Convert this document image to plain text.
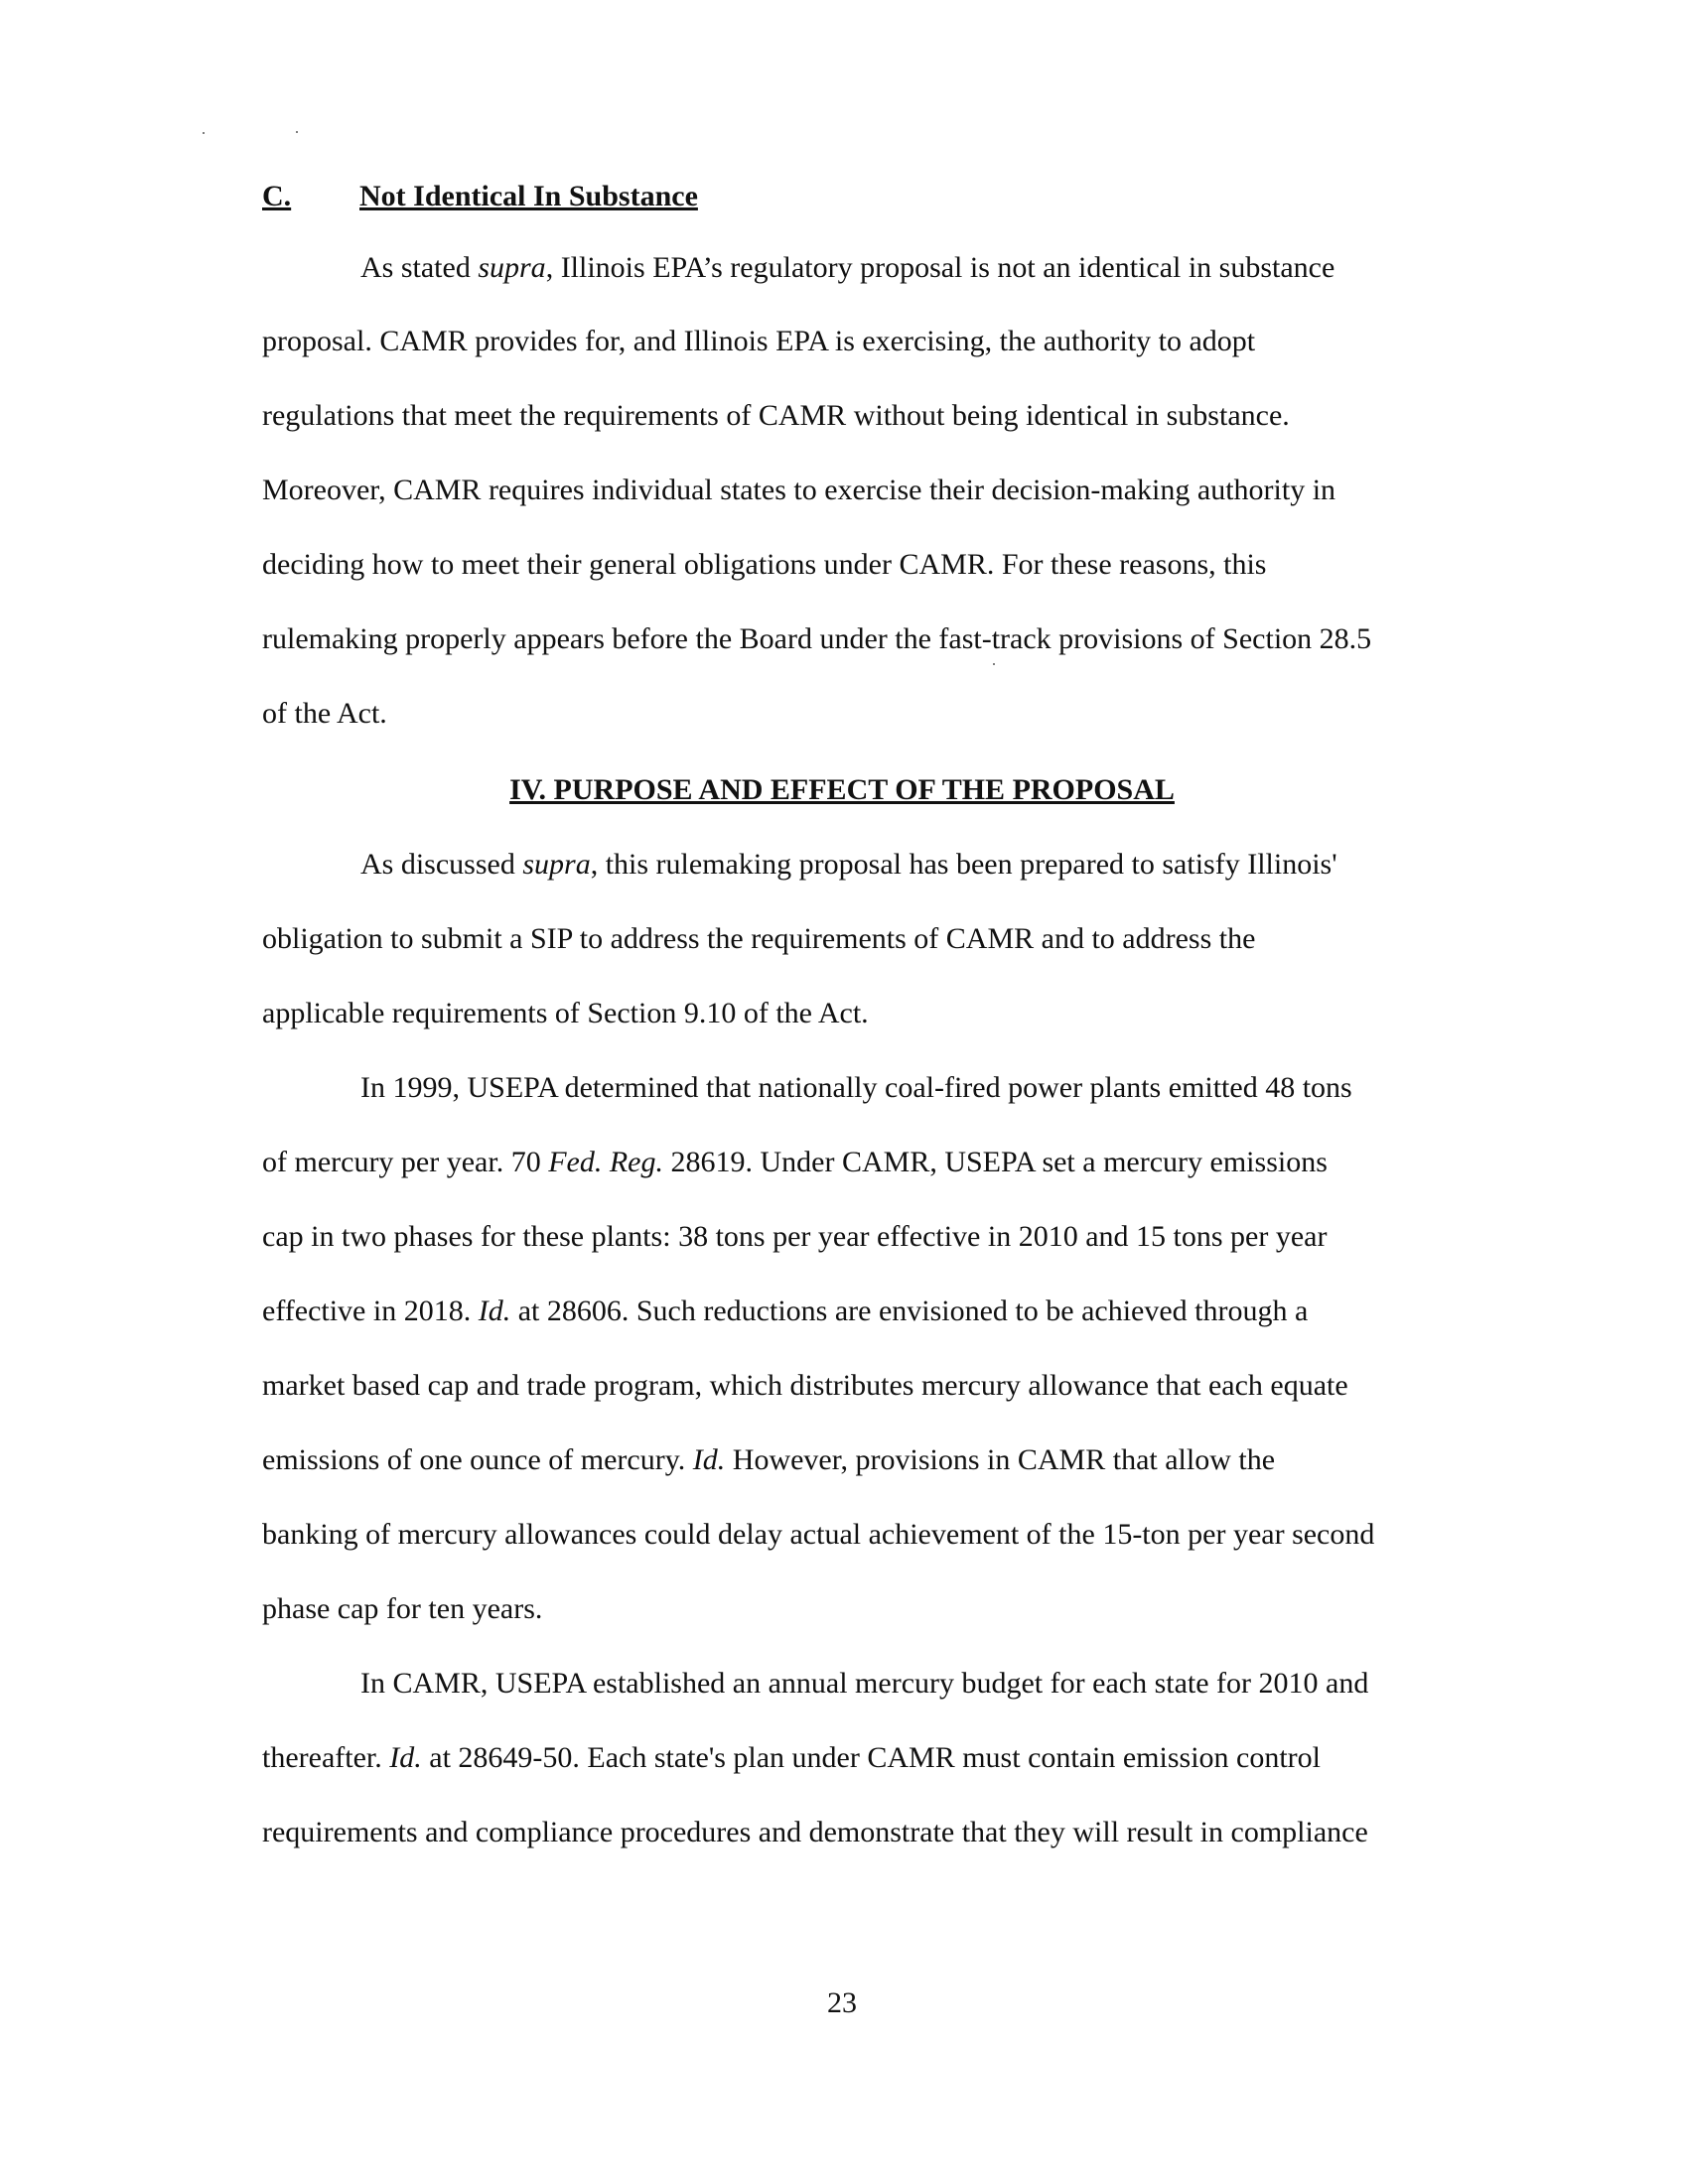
C. Not Identical In Substance
As stated supra, Illinois EPA’s regulatory proposal is not an identical in substance
proposal. CAMR provides for, and Illinois EPA is exercising, the authority to adopt
regulations that meet the requirements of CAMR without being identical in substance.
Moreover, CAMR requires individual states to exercise their decision-making authority in
deciding how to meet their general obligations under CAMR. For these reasons, this
rulemaking properly appears before the Board under the fast-track provisions of Section 28.5
of the Act.
IV. PURPOSE AND EFFECT OF THE PROPOSAL
As discussed supra, this rulemaking proposal has been prepared to satisfy Illinois'
obligation to submit a SIP to address the requirements of CAMR and to address the
applicable requirements of Section 9.10 of the Act.
In 1999, USEPA determined that nationally coal-fired power plants emitted 48 tons
of mercury per year. 70 Fed. Reg. 28619. Under CAMR, USEPA set a mercury emissions
cap in two phases for these plants: 38 tons per year effective in 2010 and 15 tons per year
effective in 2018. Id. at 28606. Such reductions are envisioned to be achieved through a
market based cap and trade program, which distributes mercury allowance that each equate
emissions of one ounce of mercury. Id. However, provisions in CAMR that allow the
banking of mercury allowances could delay actual achievement of the 15-ton per year second
phase cap for ten years.
In CAMR, USEPA established an annual mercury budget for each state for 2010 and
thereafter. Id. at 28649-50. Each state's plan under CAMR must contain emission control
requirements and compliance procedures and demonstrate that they will result in compliance
23
